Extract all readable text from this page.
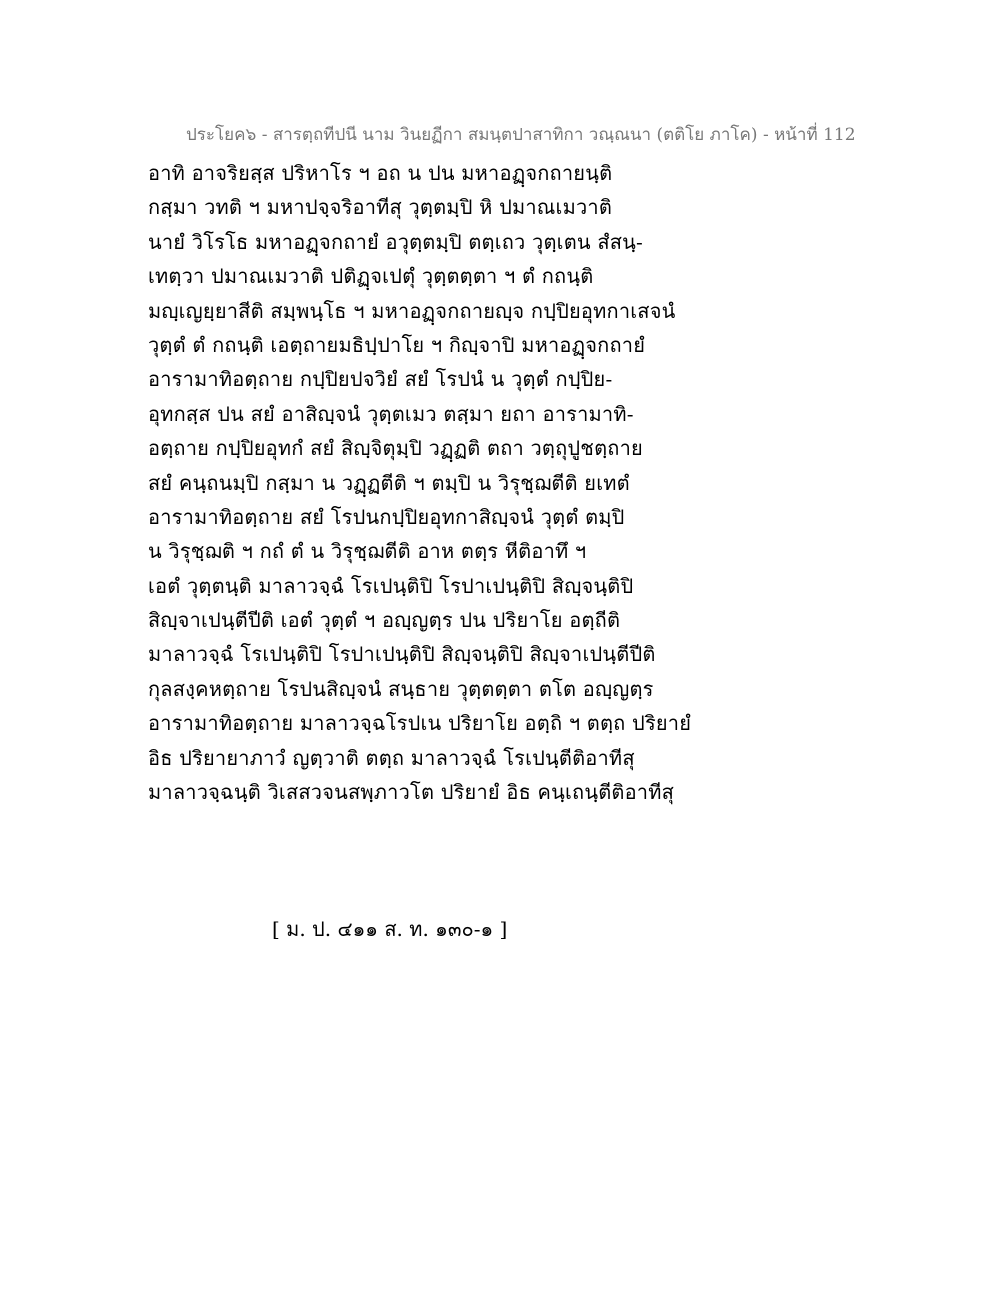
ประโยค๖ - สารตฺถทีปนี นาม วินยฏีกา สมนฺตปาสาทิกา วณฺณนา (ตติโย ภาโค) - หน้าที่ 112
อาทิ อาจริยสฺส ปริหาโร ฯ อถ น ปน มหาอฏฺจกถายนฺติ
กสฺมา วทติ ฯ มหาปจฺจริอาทีสุ วุตฺตมฺปิ หิ ปมาณเมวาติ
นายํ วิโรโธ มหาอฏฺจกถายํ อวุตฺตมฺปิ ตตฺเถว วุตฺเตน สํสนฺ-
เทตฺวา ปมาณเมวาติ ปติฏฺจเปตุํ วุตฺตตฺตา ฯ ตํ กถนฺติ
มญฺเญยฺยาสีติ สมฺพนฺโธ ฯ มหาอฏฺจกถายญฺจ กปฺปิยอุทกาเสจนํ
วุตฺตํ ตํ กถนฺติ เอตฺถายมธิปฺปาโย ฯ กิญฺจาปิ มหาอฏฺจกถายํ
อารามาทิอตฺถาย กปฺปิยปจวิยํ สยํ โรปนํ น วุตฺตํ กปฺปิย-
อุทกสฺส ปน สยํ อาสิญฺจนํ วุตฺตเมว ตสฺมา ยถา อารามาทิ-
อตฺถาย กปฺปิยอุทกํ สยํ สิญฺจิตุมฺปิ วฏฺฏติ ตถา วตฺถุปูชตฺถาย
สยํ คนฺถนมฺปิ กสฺมา น วฏฺฏตีติ ฯ ตมฺปิ น วิรุชฺฌตีติ ยเทตํ
อารามาทิอตฺถาย สยํ โรปนกปฺปิยอุทกาสิญฺจนํ วุตฺตํ ตมฺปิ
น วิรุชฺฌติ ฯ กถํ ตํ น วิรุชฺฌตีติ อาห ตตฺร หีติอาทึ ฯ
เอตํ วุตฺตนฺติ มาลาวจฺฉํ โรเปนฺติปิ โรปาเปนฺติปิ สิญฺจนฺติปิ
สิญฺจาเปนฺตีปีติ เอตํ วุตฺตํ ฯ อญฺญตฺร ปน ปริยาโย อตฺถีติ
มาลาวจฺฉํ โรเปนฺติปิ โรปาเปนฺติปิ สิญฺจนฺติปิ สิญฺจาเปนฺตีปีติ
กุลสงฺคหตฺถาย โรปนสิญฺจนํ สนฺธาย วุตฺตตฺตา ตโต อญฺญตฺร
อารามาทิอตฺถาย มาลาวจฺฉโรปเน ปริยาโย อตฺถิ ฯ ตตฺถ ปริยายํ
อิธ ปริยายาภาวํ ญตฺวาติ ตตฺถ มาลาวจฺฉํ โรเปนฺตีติอาทีสุ
มาลาวจฺฉนฺติ วิเสสวจนสพฺภาวโต ปริยายํ อิธ คนฺเถนฺตีติอาทีสุ
[ ม. ป. ๔๑๑ ส. ท. ๑๓๐-๑ ]
